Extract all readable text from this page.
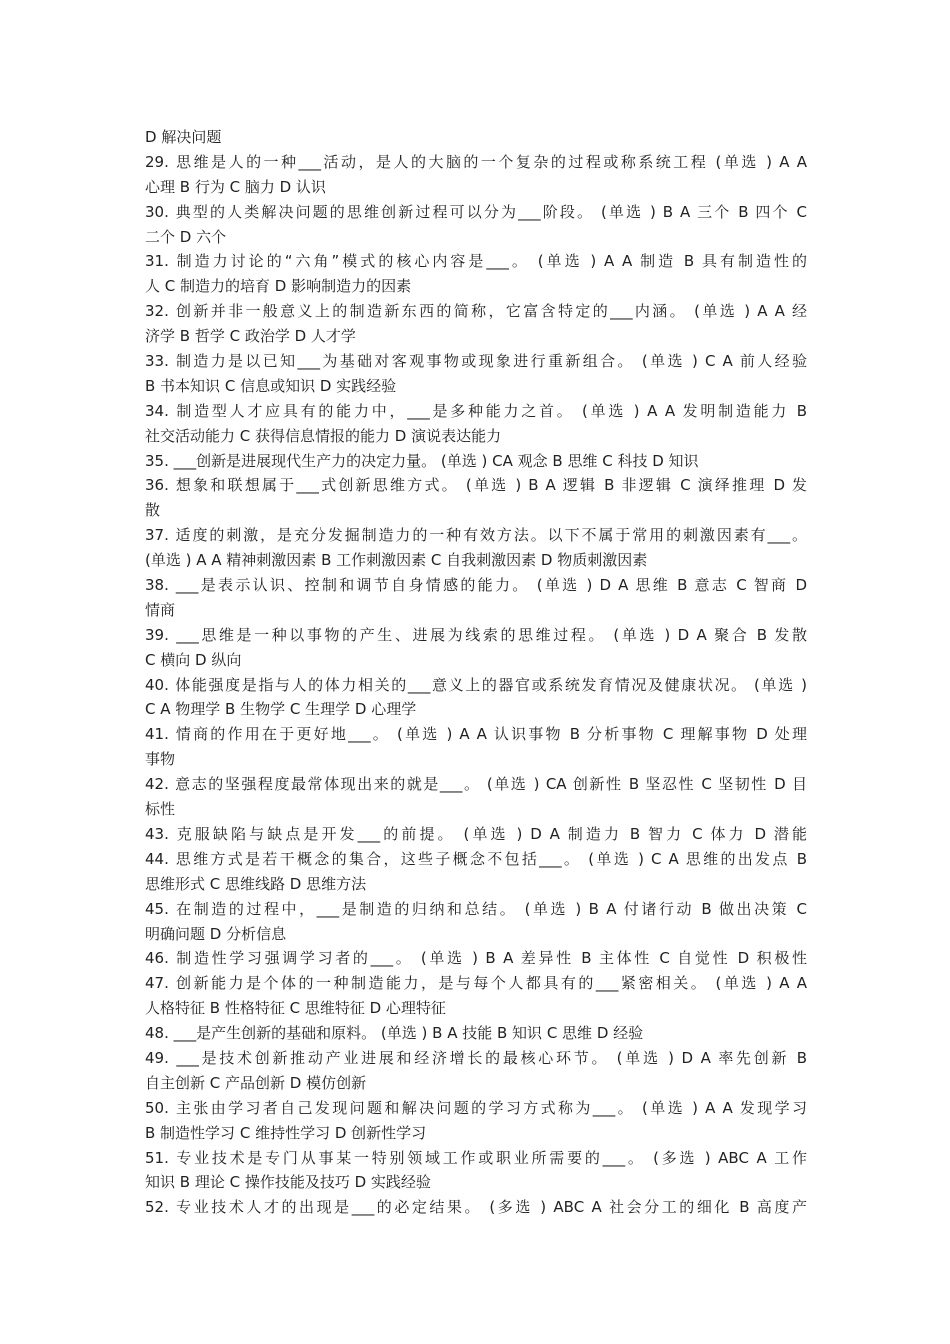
D 解决问题
29. 思维是人的一种___活动，是人的大脑的一个复杂的过程或称系统工程 (单选 ) A A
心理 B 行为 C 脑力 D 认识
30. 典型的人类解决问题的思维创新过程可以分为___阶段。 (单选 ) B A 三个 B 四个 C
二个 D 六个
31. 制造力讨论的“六角”模式的核心内容是___。 (单选 ) A A 制造 B 具有制造性的
人 C 制造力的培育 D 影响制造力的因素
32. 创新并非一般意义上的制造新东西的简称，它富含特定的___内涵。 (单选 ) A A 经
济学 B 哲学 C 政治学 D 人才学
33. 制造力是以已知___为基础对客观事物或现象进行重新组合。 (单选 ) C A 前人经验
B 书本知识 C 信息或知识 D 实践经验
34. 制造型人才应具有的能力中，___是多种能力之首。 (单选 ) A A 发明制造能力 B
社交活动能力 C 获得信息情报的能力 D 演说表达能力
35. ___创新是进展现代生产力的决定力量。 (单选 ) CA 观念 B 思维 C 科技 D 知识
36. 想象和联想属于___式创新思维方式。 (单选 ) B A 逻辑 B 非逻辑 C 演绎推理 D 发
散
37. 适度的刺激，是充分发掘制造力的一种有效方法。以下不属于常用的刺激因素有___。
(单选 ) A A 精神刺激因素 B 工作刺激因素 C 自我刺激因素 D 物质刺激因素
38. ___是表示认识、控制和调节自身情感的能力。 (单选 ) D A 思维 B 意志 C 智商 D
情商
39. ___思维是一种以事物的产生、进展为线索的思维过程。 (单选 ) D A 聚合 B 发散
C 横向 D 纵向
40. 体能强度是指与人的体力相关的___意义上的器官或系统发育情况及健康状况。 (单选 )
C A 物理学 B 生物学 C 生理学 D 心理学
41. 情商的作用在于更好地___。 (单选 ) A A 认识事物 B 分析事物 C 理解事物 D 处理
事物
42. 意志的坚强程度最常体现出来的就是___。 (单选 ) CA 创新性 B 坚忍性 C 坚韧性 D 目
标性
43. 克服缺陷与缺点是开发___的前提。 (单选 ) D A 制造力 B 智力 C 体力 D 潜能
44. 思维方式是若干概念的集合，这些子概念不包括___。 (单选 ) C A 思维的出发点 B
思维形式 C 思维线路 D 思维方法
45. 在制造的过程中，___是制造的归纳和总结。 (单选 ) B A 付诸行动 B 做出决策 C
明确问题 D 分析信息
46. 制造性学习强调学习者的___。 (单选 ) B A 差异性 B 主体性 C 自觉性 D 积极性
47. 创新能力是个体的一种制造能力，是与每个人都具有的___紧密相关。 (单选 ) A A
人格特征 B 性格特征 C 思维特征 D 心理特征
48. ___是产生创新的基础和原料。 (单选 ) B A 技能 B 知识 C 思维 D 经验
49. ___是技术创新推动产业进展和经济增长的最核心环节。 (单选 ) D A 率先创新 B
自主创新 C 产品创新 D 模仿创新
50. 主张由学习者自己发现问题和解决问题的学习方式称为___。 (单选 ) A A 发现学习
B 制造性学习 C 维持性学习 D 创新性学习
51. 专业技术是专门从事某一特别领域工作或职业所需要的___。 (多选 ) ABC A 工作
知识 B 理论 C 操作技能及技巧 D 实践经验
52. 专业技术人才的出现是___的必定结果。 (多选 ) ABC A 社会分工的细化 B 高度产
